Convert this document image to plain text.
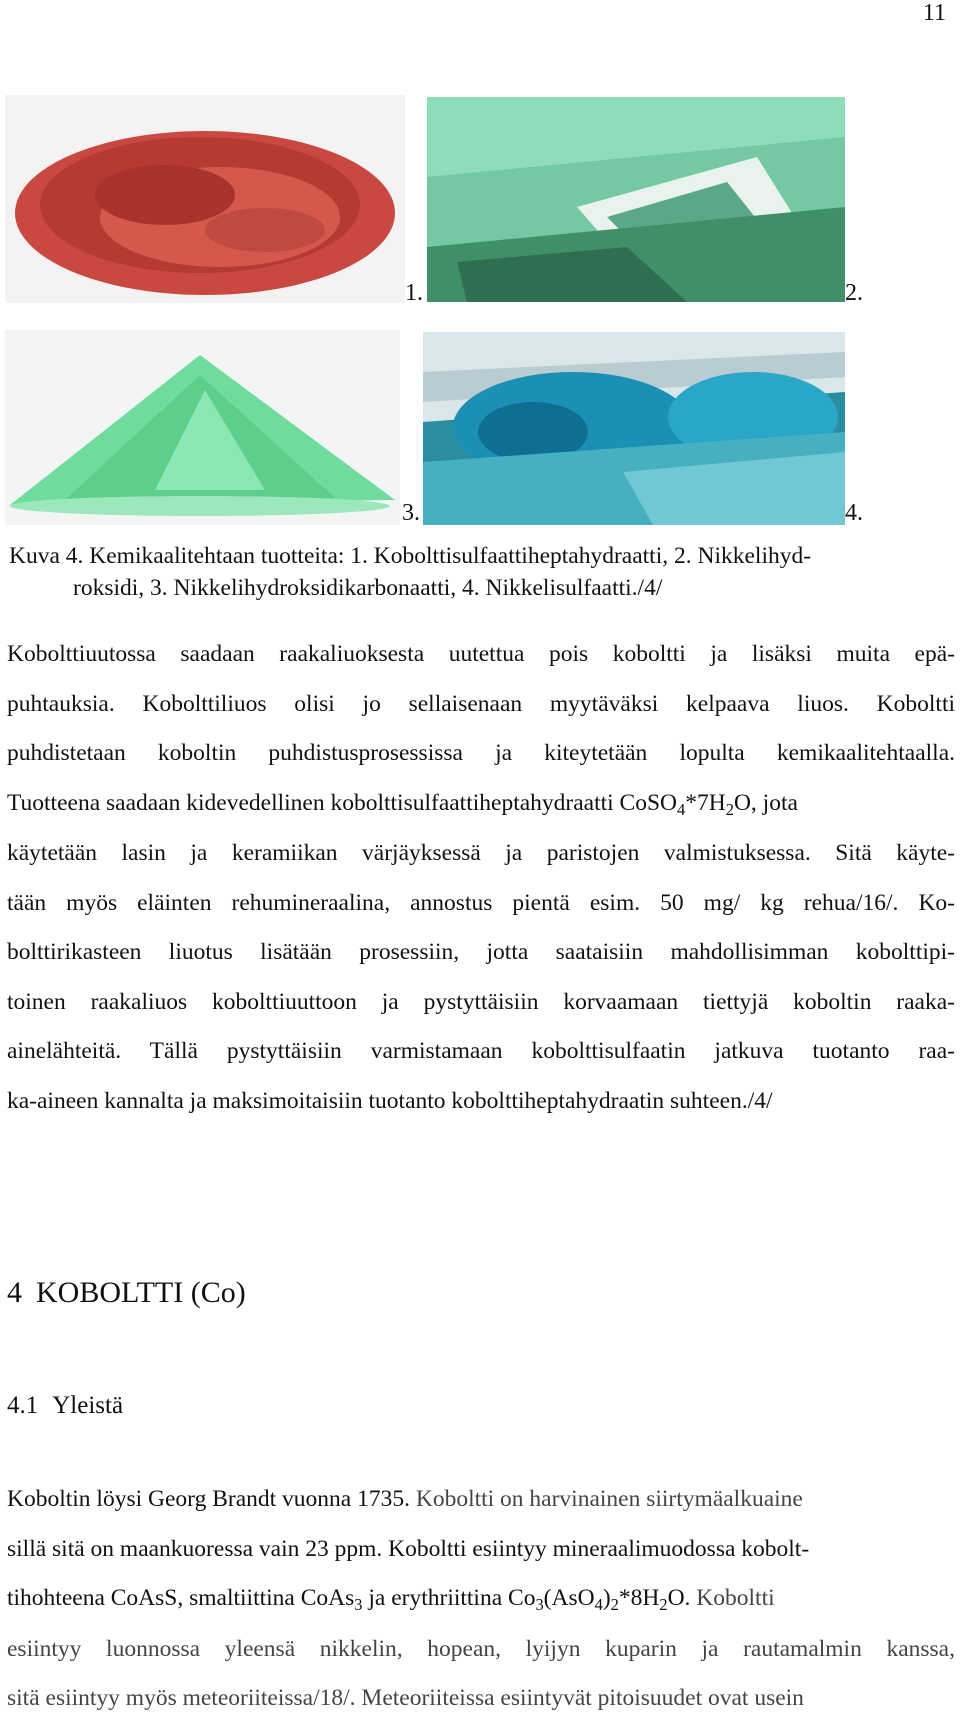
11
1.	2.
3.	4.
Kuva 4. Kemikaalitehtaan tuotteita: 1. Kobolttisulfaattiheptahydraatti, 2. Nikkelihyd-
roksidi, 3. Nikkelihydroksidikarbonaatti, 4. Nikkelisulfaatti./4/
Kobolttiuutossa saadaan raakaliuoksesta uutettua pois koboltti ja lisäksi muita epä-
puhtauksia. Kobolttiliuos olisi jo sellaisenaan myytäväksi kelpaava liuos. Koboltti
puhdistetaan koboltin puhdistusprosessissa ja kiteytetään lopulta kemikaalitehtaalla.
Tuotteena saadaan kidevedellinen kobolttisulfaattiheptahydraatti $CoSO_4*7H_2O$, jota
käytetään lasin ja keramiikan värjäyksessä ja paristojen valmistuksessa. Sitä käyte-
tään myös eläinten rehumineraalina, annostus pientä esim. 50 mg/ kg rehua/16/. Ko-
bolttirikasteen liuotus lisätään prosessiin, jotta saataisiin mahdollisimman kobolttipi-
toinen raakaliuos kobolttiuuttoon ja pystyttäisiin korvaamaan tiettyjä koboltin raaka-
ainelähteitä. Tällä pystyttäisiin varmistamaan kobolttisulfaatin jatkuva tuotanto raa-
ka-aineen kannalta ja maksimoitaisiin tuotanto kobolttiheptahydraatin suhteen./4/
4 KOBOLTTI (Co)
4.1 Yleistä
Koboltin löysi Georg Brandt vuonna 1735. Koboltti on harvinainen siirtymäalkuaine
sillä sitä on maankuoressa vain 23 ppm. Koboltti esiintyy mineraalimuodossa kobolt-
tihohteena CoAsS, smaltiittina CoAs$_3$ ja erythriittina $Co_3(AsO_4)_2*8H_2O$. Koboltti
esiintyy luonnossa yleensä nikkelin, hopean, lyijyn kuparin ja rautamalmin kanssa,
sitä esiintyy myös meteoriiteissa/18/. Meteoriiteissa esiintyvät pitoisuudet ovat usein
